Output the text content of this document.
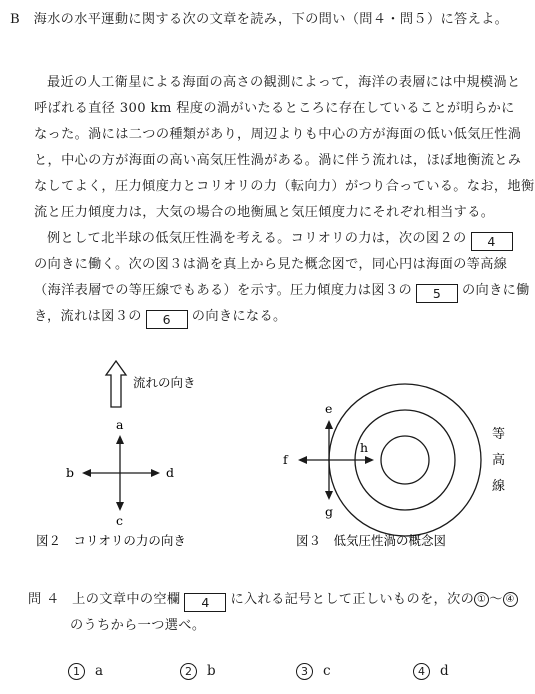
B 海水の水平運動に関する次の文章を読み，下の問い（問４・問５）に答えよ。
最近の人工衛星による海面の高さの観測によって，海洋の表層には中規模渦と
呼ばれる直径 300 km 程度の渦がいたるところに存在していることが明らかに
なった。渦には二つの種類があり，周辺よりも中心の方が海面の低い低気圧性渦
と，中心の方が海面の高い高気圧性渦がある。渦に伴う流れは，ほぼ地衡流とみ
なしてよく，圧力傾度力とコリオリの力（転向力）がつり合っている。なお，地衡
流と圧力傾度力は，大気の場合の地衡風と気圧傾度力にそれぞれ相当する。
例として北半球の低気圧性渦を考える。コリオリの力は，次の図２の 4
の向きに働く。次の図３は渦を真上から見た概念図で，同心円は海面の等高線
（海洋表層での等圧線でもある）を示す。圧力傾度力は図３の 5 の向きに働
き，流れは図３の 6 の向きになる。
流れの向き
a
b
c
d
図２　コリオリの力の向き
e
f
g
h
等
高
線
図３　低気圧性渦の概念図
問 ４ 上の文章中の空欄 4 に入れる記号として正しいものを，次の ① 〜 ④
のうちから一つ選べ。
1 a	2 b	3 c	4 d
